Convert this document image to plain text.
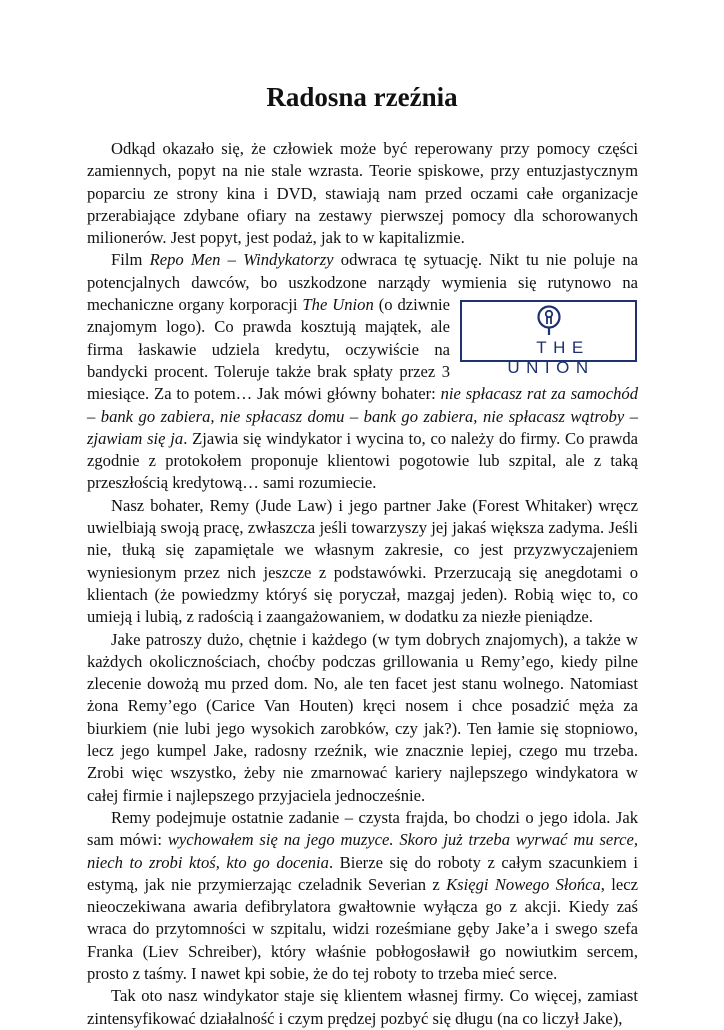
Radosna rzeźnia

Odkąd okazało się, że człowiek może być reperowany przy pomocy części zamiennych, popyt na nie stale wzrasta. Teorie spiskowe, przy entuzjastycznym poparciu ze strony kina i DVD, stawiają nam przed oczami całe organizacje przerabiające zdybane ofiary na zestawy pierwszej pomocy dla schorowanych milionerów. Jest popyt, jest podaż, jak to w kapitalizmie.

Film Repo Men – Windykatorzy odwraca tę sytuację. Nikt tu nie poluje na potencjalnych dawców, bo uszkodzone narządy wymienia się rutynowo na mechaniczne organy korporacji
THE UNION
The Union (o dziwnie znajomym logo). Co prawda kosztują majątek, ale firma łaskawie udziela kredytu, oczywiście na bandycki procent. Toleruje także brak spłaty przez 3 miesiące. Za to potem… Jak mówi główny bohater: nie spłacasz rat za samochód – bank go zabiera, nie spłacasz domu – bank go zabiera, nie spłacasz wątroby – zjawiam się ja. Zjawia się windykator i wycina to, co należy do firmy. Co prawda zgodnie z protokołem proponuje klientowi pogotowie lub szpital, ale z taką przeszłością kredytową… sami rozumiecie.

Nasz bohater, Remy (Jude Law) i jego partner Jake (Forest Whitaker) wręcz uwielbiają swoją pracę, zwłaszcza jeśli towarzyszy jej jakaś większa zadyma. Jeśli nie, tłuką się zapamiętale we własnym zakresie, co jest przyzwyczajeniem wyniesionym przez nich jeszcze z podstawówki. Przerzucają się anegdotami o klientach (że powiedzmy któryś się poryczał, mazgaj jeden). Robią więc to, co umieją i lubią, z radością i zaangażowaniem, w dodatku za niezłe pieniądze.

Jake patroszy dużo, chętnie i każdego (w tym dobrych znajomych), a także w każdych okolicznościach, choćby podczas grillowania u Remy’ego, kiedy pilne zlecenie dowożą mu przed dom. No, ale ten facet jest stanu wolnego. Natomiast żona Remy’ego (Carice Van Houten) kręci nosem i chce posadzić męża za biurkiem (nie lubi jego wysokich zarobków, czy jak?). Ten łamie się stopniowo, lecz jego kumpel Jake, radosny rzeźnik, wie znacznie lepiej, czego mu trzeba. Zrobi więc wszystko, żeby nie zmarnować kariery najlepszego windykatora w całej firmie i najlepszego przyjaciela jednocześnie.

Remy podejmuje ostatnie zadanie – czysta frajda, bo chodzi o jego idola. Jak sam mówi: wychowałem się na jego muzyce. Skoro już trzeba wyrwać mu serce, niech to zrobi ktoś, kto go docenia. Bierze się do roboty z całym szacunkiem i estymą, jak nie przymierzając czeladnik Severian z Księgi Nowego Słońca, lecz nieoczekiwana awaria defibrylatora gwałtownie wyłącza go z akcji. Kiedy zaś wraca do przytomności w szpitalu, widzi roześmiane gęby Jake’a i swego szefa Franka (Liev Schreiber), który właśnie pobłogosławił go nowiutkim sercem, prosto z taśmy. I nawet kpi sobie, że do tej roboty to trzeba mieć serce.

Tak oto nasz windykator staje się klientem własnej firmy. Co więcej, zamiast zintensyfikować działalność i czym prędzej pozbyć się długu (na co liczył Jake),
